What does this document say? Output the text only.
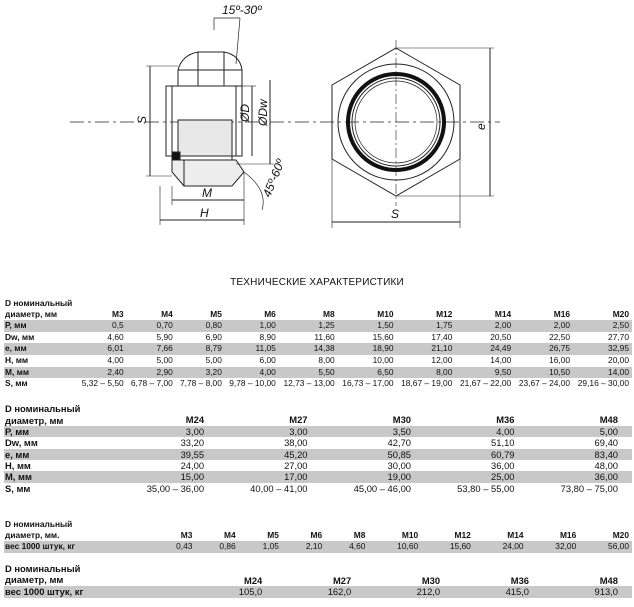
15º-30º
S	ØD ØDw
45º-60º
M
H
e
S
ТЕХНИЧЕСКИЕ ХАРАКТЕРИСТИКИ
D номинальный										
диаметр, мм	M3	M4	M5	M6	M8	M10	M12	M14	M16	M20
P, мм	0,5	0,70	0,80	1,00	1,25	1,50	1,75	2,00	2,00	2,50
Dw, мм	4,60	5,90	6,90	8,90	11,60	15,60	17,40	20,50	22,50	27,70
e, мм	6,01	7,66	8,79	11,05	14,38	18,90	21,10	24,49	26,75	32,95
H, мм	4,00	5,00	5,00	6,00	8,00	10,00	12,00	14,00	16,00	20,00
M, мм	2,40	2,90	3,20	4,00	5,50	6,50	8,00	9,50	10,50	14,00
S, мм	5,32 – 5,50	6,78 – 7,00	7,78 – 8,00	9,78 – 10,00	12,73 – 13,00	16,73 – 17,00	18,67 – 19,00	21,67 – 22,00	23,67 – 24,00	29,16 – 30,00
D номинальный					
диаметр, мм	M24	M27	M30	M36	M48
P, мм	3,00	3,00	3,50	4,00	5,00
Dw, мм	33,20	38,00	42,70	51,10	69,40
e, мм	39,55	45,20	50,85	60,79	83,40
H, мм	24,00	27,00	30,00	36,00	48,00
M, мм	15,00	17,00	19,00	25,00	36,00
S, мм	35,00 – 36,00	40,00 – 41,00	45,00 – 46,00	53,80 – 55,00	73,80 – 75,00
D номинальный										
диаметр, мм.	M3	M4	M5	M6	M8	M10	M12	M14	M16	M20
вес 1000 штук, кг	0,43	0,86	1,05	2,10	4,60	10,60	15,60	24,00	32,00	56,00
D номинальный					
диаметр, мм	M24	M27	M30	M36	M48
вес 1000 штук, кг	105,0	162,0	212,0	415,0	913,0
